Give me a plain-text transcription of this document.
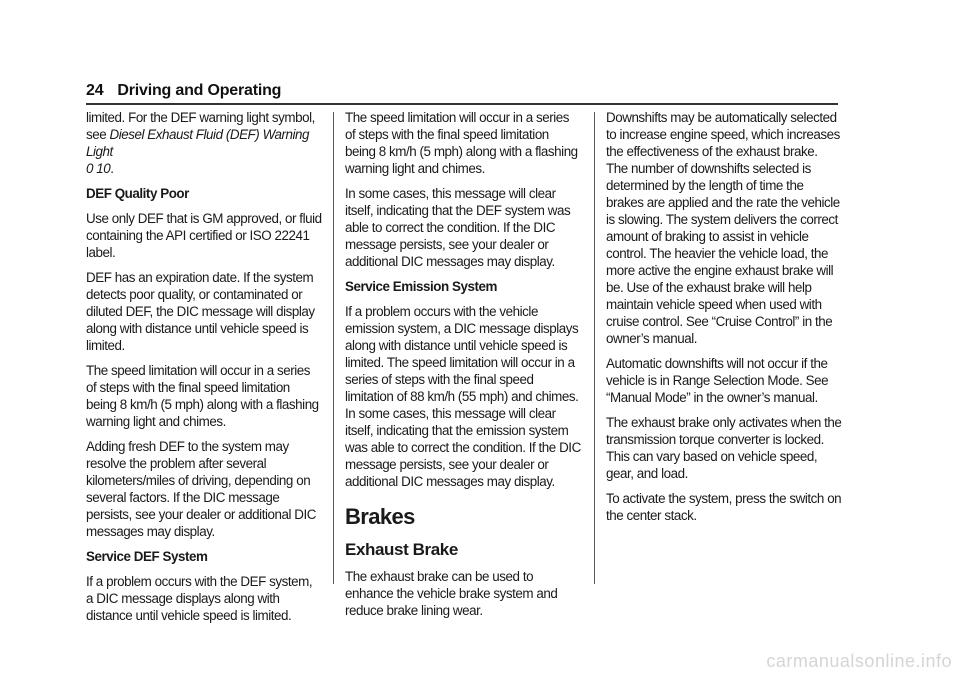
24 Driving and Operating

limited. For the DEF warning light symbol, see Diesel Exhaust Fluid (DEF) Warning Light
0 10.

DEF Quality Poor

Use only DEF that is GM approved, or fluid containing the API certified or ISO 22241 label.

DEF has an expiration date. If the system detects poor quality, or contaminated or diluted DEF, the DIC message will display along with distance until vehicle speed is limited.

The speed limitation will occur in a series of steps with the final speed limitation being 8 km/h (5 mph) along with a flashing warning light and chimes.

Adding fresh DEF to the system may resolve the problem after several kilometers/miles of driving, depending on several factors. If the DIC message persists, see your dealer or additional DIC messages may display.

Service DEF System

If a problem occurs with the DEF system, a DIC message displays along with distance until vehicle speed is limited.

The speed limitation will occur in a series of steps with the final speed limitation being 8 km/h (5 mph) along with a flashing warning light and chimes.

In some cases, this message will clear itself, indicating that the DEF system was able to correct the condition. If the DIC message persists, see your dealer or additional DIC messages may display.

Service Emission System

If a problem occurs with the vehicle emission system, a DIC message displays along with distance until vehicle speed is limited. The speed limitation will occur in a series of steps with the final speed limitation of 88 km/h (55 mph) and chimes. In some cases, this message will clear itself, indicating that the emission system was able to correct the condition. If the DIC message persists, see your dealer or additional DIC messages may display.

Brakes
Exhaust Brake

The exhaust brake can be used to enhance the vehicle brake system and reduce brake lining wear.

Downshifts may be automatically selected to increase engine speed, which increases the effectiveness of the exhaust brake. The number of downshifts selected is determined by the length of time the brakes are applied and the rate the vehicle is slowing. The system delivers the correct amount of braking to assist in vehicle control. The heavier the vehicle load, the more active the engine exhaust brake will be. Use of the exhaust brake will help maintain vehicle speed when used with cruise control. See “Cruise Control” in the owner’s manual.

Automatic downshifts will not occur if the vehicle is in Range Selection Mode. See “Manual Mode” in the owner’s manual.

The exhaust brake only activates when the transmission torque converter is locked. This can vary based on vehicle speed, gear, and load.

To activate the system, press the switch on the center stack.

carmanualsonline.info
